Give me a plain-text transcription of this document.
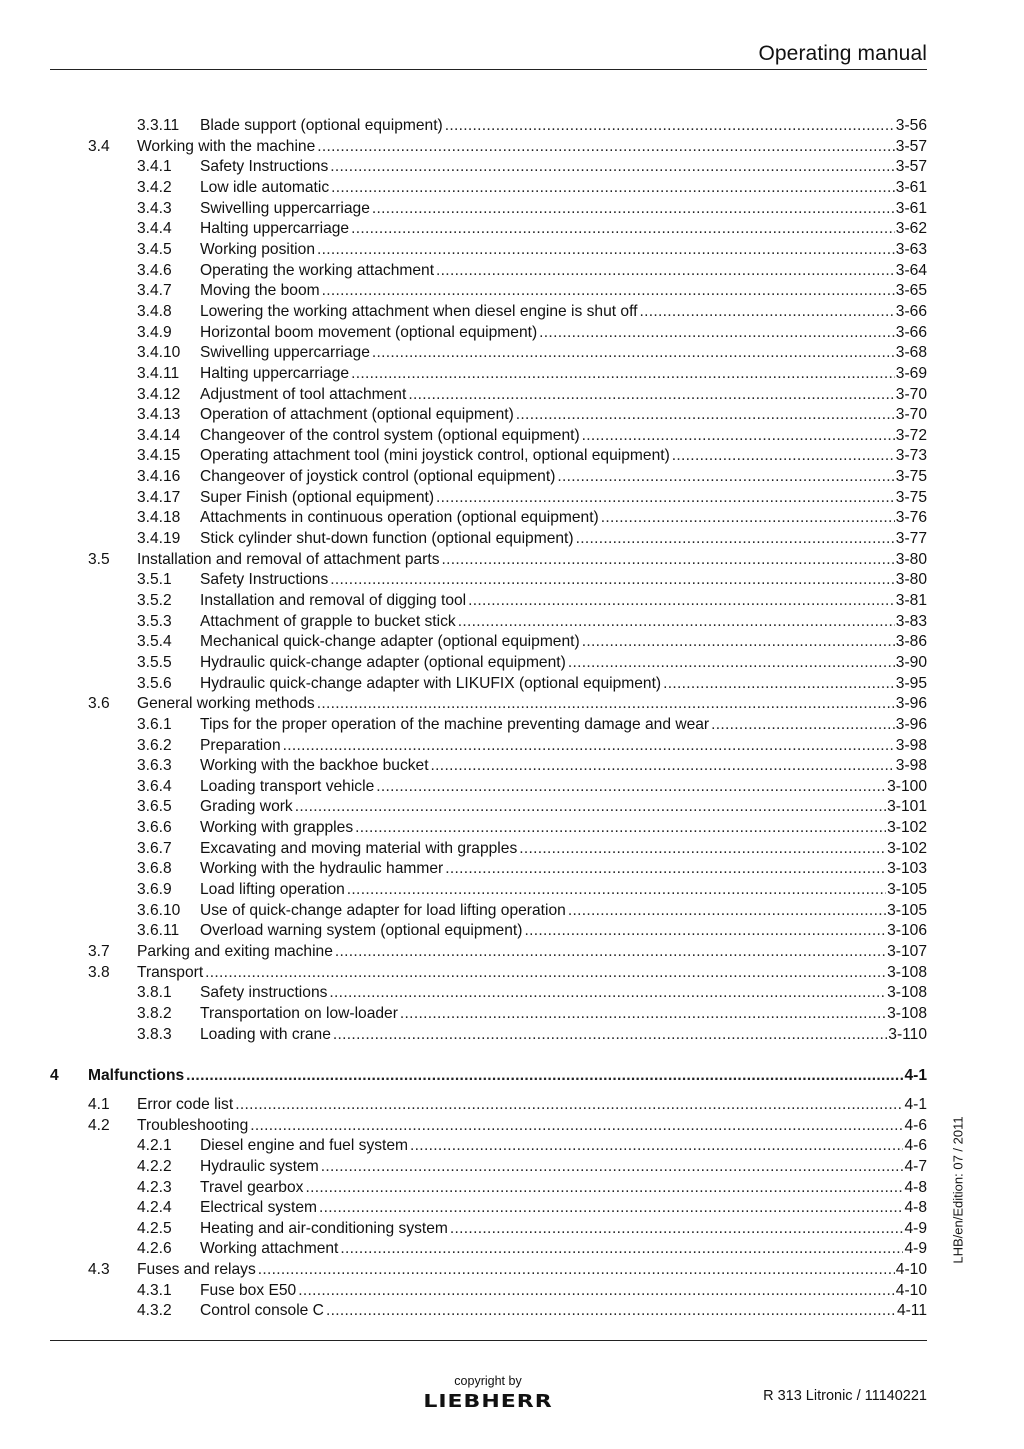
Operating manual
3.3.11 Blade support (optional equipment) .....	3-56
3.4 Working with the machine .....	3-57
3.4.1 Safety Instructions .....	3-57
3.4.2 Low idle automatic .....	3-61
3.4.3 Swivelling uppercarriage .....	3-61
3.4.4 Halting uppercarriage .....	3-62
3.4.5 Working position .....	3-63
3.4.6 Operating the working attachment .....	3-64
3.4.7 Moving the boom .....	3-65
3.4.8 Lowering the working attachment when diesel engine is shut off .....	3-66
3.4.9 Horizontal boom movement (optional equipment) .....	3-66
3.4.10 Swivelling uppercarriage .....	3-68
3.4.11 Halting uppercarriage .....	3-69
3.4.12 Adjustment of tool attachment .....	3-70
3.4.13 Operation of attachment (optional equipment) .....	3-70
3.4.14 Changeover of the control system (optional equipment) .....	3-72
3.4.15 Operating attachment tool (mini joystick control, optional equipment) .....	3-73
3.4.16 Changeover of joystick control (optional equipment) .....	3-75
3.4.17 Super Finish (optional equipment) .....	3-75
3.4.18 Attachments in continuous operation (optional equipment) .....	3-76
3.4.19 Stick cylinder shut-down function (optional equipment) .....	3-77
3.5 Installation and removal of attachment parts .....	3-80
3.5.1 Safety Instructions .....	3-80
3.5.2 Installation and removal of digging tool .....	3-81
3.5.3 Attachment of grapple to bucket stick .....	3-83
3.5.4 Mechanical quick-change adapter (optional equipment) .....	3-86
3.5.5 Hydraulic quick-change adapter (optional equipment) .....	3-90
3.5.6 Hydraulic quick-change adapter with LIKUFIX (optional equipment) .....	3-95
3.6 General working methods .....	3-96
3.6.1 Tips for the proper operation of the machine preventing damage and wear .....	3-96
3.6.2 Preparation .....	3-98
3.6.3 Working with the backhoe bucket .....	3-98
3.6.4 Loading transport vehicle .....	3-100
3.6.5 Grading work .....	3-101
3.6.6 Working with grapples .....	3-102
3.6.7 Excavating and moving material with grapples .....	3-102
3.6.8 Working with the hydraulic hammer .....	3-103
3.6.9 Load lifting operation .....	3-105
3.6.10 Use of quick-change adapter for load lifting operation .....	3-105
3.6.11 Overload warning system (optional equipment) .....	3-106
3.7 Parking and exiting machine .....	3-107
3.8 Transport .....	3-108
3.8.1 Safety instructions .....	3-108
3.8.2 Transportation on low-loader .....	3-108
3.8.3 Loading with crane .....	3-110
4 Malfunctions .....	4-1
4.1 Error code list .....	4-1
4.2 Troubleshooting .....	4-6
4.2.1 Diesel engine and fuel system .....	4-6
4.2.2 Hydraulic system .....	4-7
4.2.3 Travel gearbox .....	4-8
4.2.4 Electrical system .....	4-8
4.2.5 Heating and air-conditioning system .....	4-9
4.2.6 Working attachment .....	4-9
4.3 Fuses and relays .....	4-10
4.3.1 Fuse box E50 .....	4-10
4.3.2 Control console C .....	4-11
LHB/en/Edition: 07 / 2011
copyright by
LIEBHERR	R 313 Litronic / 11140221
